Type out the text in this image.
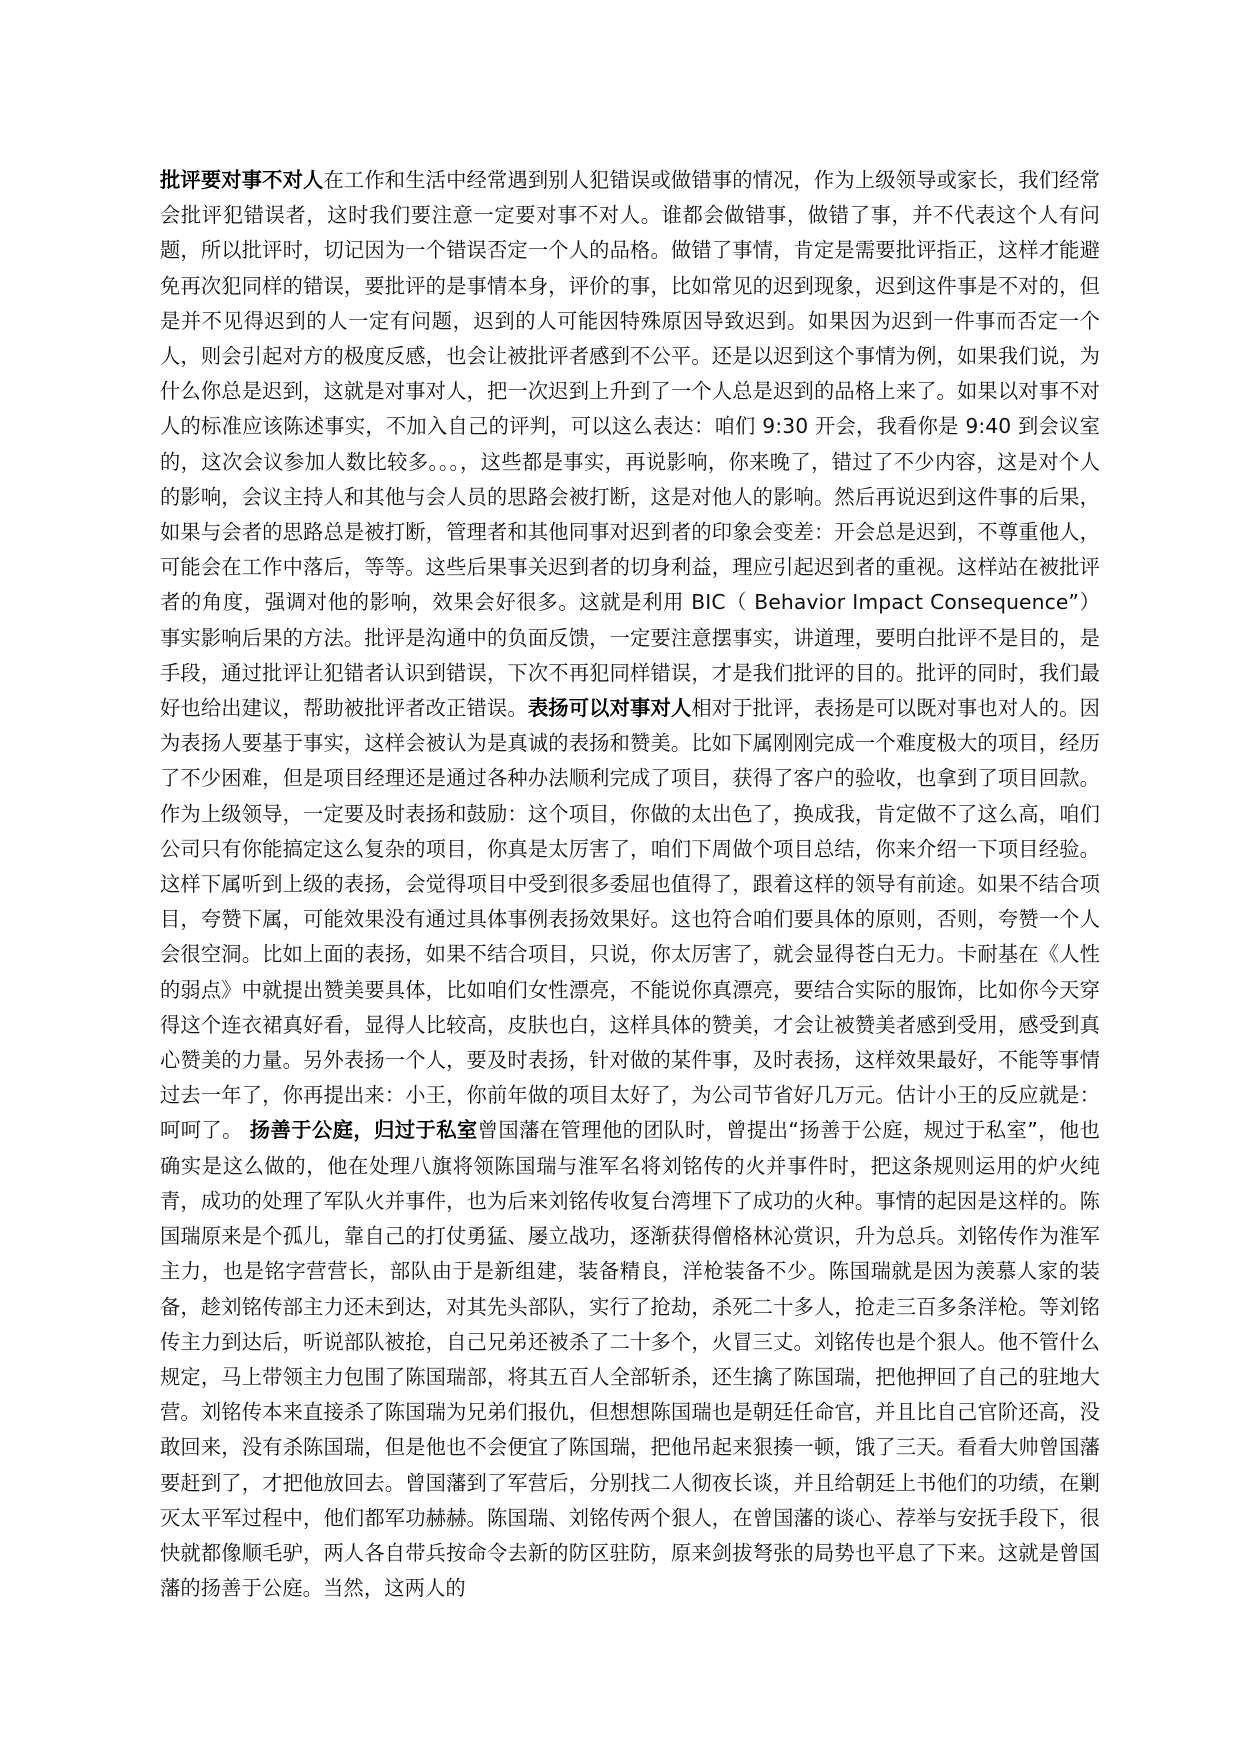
批评要对事不对人在工作和生活中经常遇到别人犯错误或做错事的情况，作为上级领导或家长，我们经常会批评犯错误者，这时我们要注意一定要对事不对人。谁都会做错事，做错了事，并不代表这个人有问题，所以批评时，切记因为一个错误否定一个人的品格。做错了事情，肯定是需要批评指正，这样才能避免再次犯同样的错误，要批评的是事情本身，评价的事，比如常见的迟到现象，迟到这件事是不对的，但是并不见得迟到的人一定有问题，迟到的人可能因特殊原因导致迟到。如果因为迟到一件事而否定一个人，则会引起对方的极度反感，也会让被批评者感到不公平。还是以迟到这个事情为例，如果我们说，为什么你总是迟到，这就是对事对人，把一次迟到上升到了一个人总是迟到的品格上来了。如果以对事不对人的标准应该陈述事实，不加入自己的评判，可以这么表达：咱们 9:30 开会，我看你是 9:40 到会议室的，这次会议参加人数比较多。。。，这些都是事实，再说影响，你来晚了，错过了不少内容，这是对个人的影响，会议主持人和其他与会人员的思路会被打断，这是对他人的影响。然后再说迟到这件事的后果，如果与会者的思路总是被打断，管理者和其他同事对迟到者的印象会变差：开会总是迟到，不尊重他人，可能会在工作中落后，等等。这些后果事关迟到者的切身利益，理应引起迟到者的重视。这样站在被批评者的角度，强调对他的影响，效果会好很多。这就是利用 BIC（ Behavior Impact Consequence”）事实影响后果的方法。批评是沟通中的负面反馈，一定要注意摆事实，讲道理，要明白批评不是目的，是手段，通过批评让犯错者认识到错误，下次不再犯同样错误，才是我们批评的目的。批评的同时，我们最好也给出建议，帮助被批评者改正错误。表扬可以对事对人相对于批评，表扬是可以既对事也对人的。因为表扬人要基于事实，这样会被认为是真诚的表扬和赞美。比如下属刚刚完成一个难度极大的项目，经历了不少困难，但是项目经理还是通过各种办法顺利完成了项目，获得了客户的验收，也拿到了项目回款。作为上级领导，一定要及时表扬和鼓励：这个项目，你做的太出色了，换成我，肯定做不了这么高，咱们公司只有你能搞定这么复杂的项目，你真是太厉害了，咱们下周做个项目总结，你来介绍一下项目经验。这样下属听到上级的表扬，会觉得项目中受到很多委屈也值得了，跟着这样的领导有前途。如果不结合项目，夸赞下属，可能效果没有通过具体事例表扬效果好。这也符合咱们要具体的原则，否则，夸赞一个人会很空洞。比如上面的表扬，如果不结合项目，只说，你太厉害了，就会显得苍白无力。卡耐基在《人性的弱点》中就提出赞美要具体，比如咱们女性漂亮，不能说你真漂亮，要结合实际的服饰，比如你今天穿得这个连衣裙真好看，显得人比较高，皮肤也白，这样具体的赞美，才会让被赞美者感到受用，感受到真心赞美的力量。另外表扬一个人，要及时表扬，针对做的某件事，及时表扬，这样效果最好，不能等事情过去一年了，你再提出来：小王，你前年做的项目太好了，为公司节省好几万元。估计小王的反应就是：呵呵了。 扬善于公庭，归过于私室曾国藩在管理他的团队时，曾提出“扬善于公庭，规过于私室”，他也确实是这么做的，他在处理八旗将领陈国瑞与淮军名将刘铭传的火并事件时，把这条规则运用的炉火纯青，成功的处理了军队火并事件，也为后来刘铭传收复台湾埋下了成功的火种。事情的起因是这样的。陈国瑞原来是个孤儿，靠自己的打仗勇猛、屡立战功，逐渐获得僧格林沁赏识，升为总兵。刘铭传作为淮军主力，也是铭字营营长，部队由于是新组建，装备精良，洋枪装备不少。陈国瑞就是因为羡慕人家的装备，趁刘铭传部主力还未到达，对其先头部队，实行了抢劫，杀死二十多人，抢走三百多条洋枪。等刘铭传主力到达后，听说部队被抢，自己兄弟还被杀了二十多个，火冒三丈。刘铭传也是个狠人。他不管什么规定，马上带领主力包围了陈国瑞部，将其五百人全部斩杀，还生擒了陈国瑞，把他押回了自己的驻地大营。刘铭传本来直接杀了陈国瑞为兄弟们报仇，但想想陈国瑞也是朝廷任命官，并且比自己官阶还高，没敢回来，没有杀陈国瑞，但是他也不会便宜了陈国瑞，把他吊起来狠揍一顿，饿了三天。看看大帅曾国藩要赶到了，才把他放回去。曾国藩到了军营后，分别找二人彻夜长谈，并且给朝廷上书他们的功绩，在剿灭太平军过程中，他们都军功赫赫。陈国瑞、刘铭传两个狠人，在曾国藩的谈心、荐举与安抚手段下，很快就都像顺毛驴，两人各自带兵按命令去新的防区驻防，原来剑拔弩张的局势也平息了下来。这就是曾国藩的扬善于公庭。当然，这两人的
